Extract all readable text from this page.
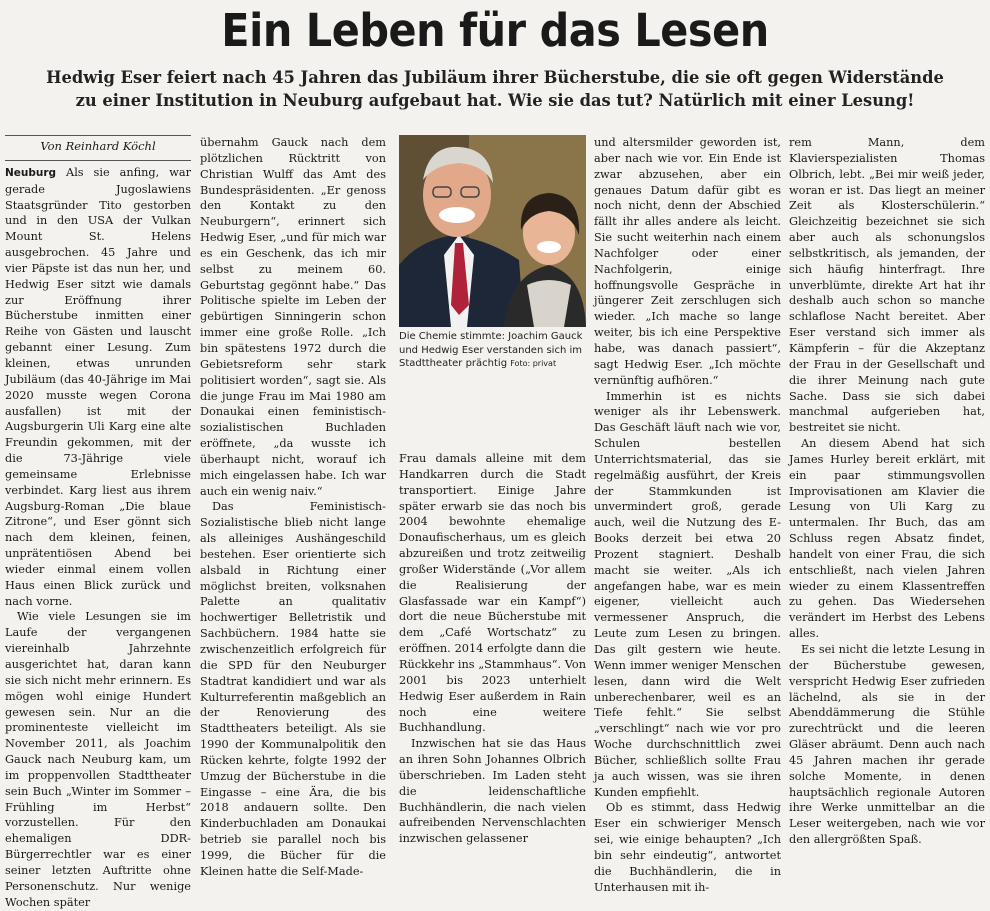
Ein Leben für das Lesen
Hedwig Eser feiert nach 45 Jahren das Jubiläum ihrer Bücherstube, die sie oft gegen Widerstände zu einer Institution in Neuburg aufgebaut hat. Wie sie das tut? Natürlich mit einer Lesung!
Von Reinhard Köchl

Neuburg Als sie anfing, war gerade Jugoslawiens Staatsgründer Tito gestorben und in den USA der Vulkan Mount St. Helens ausgebrochen. 45 Jahre und vier Päpste ist das nun her, und Hedwig Eser sitzt wie damals zur Eröffnung ihrer Bücherstube inmitten einer Reihe von Gästen und lauscht gebannt einer Lesung. Zum kleinen, etwas unrunden Jubiläum (das 40-Jährige im Mai 2020 musste wegen Corona ausfallen) ist mit der Augsburgerin Uli Karg eine alte Freundin gekommen, mit der die 73-Jährige viele gemeinsame Erlebnisse verbindet. Karg liest aus ihrem Augsburg-Roman „Die blaue Zitrone“, und Eser gönnt sich nach dem kleinen, feinen, unprätentiösen Abend bei wieder einmal einem vollen Haus einen Blick zurück und nach vorne.

Wie viele Lesungen sie im Laufe der vergangenen viereinhalb Jahrzehnte ausgerichtet hat, daran kann sie sich nicht mehr erinnern. Es mögen wohl einige Hundert gewesen sein. Nur an die prominenteste vielleicht im November 2011, als Joachim Gauck nach Neuburg kam, um im proppenvollen Stadttheater sein Buch „Winter im Sommer – Frühling im Herbst“ vorzustellen. Für den ehemaligen DDR-Bürgerrechtler war es einer seiner letzten Auftritte ohne Personenschutz. Nur wenige Wochen später

übernahm Gauck nach dem plötzlichen Rücktritt von Christian Wulff das Amt des Bundespräsidenten. „Er genoss den Kontakt zu den Neuburgern“, erinnert sich Hedwig Eser, „und für mich war es ein Geschenk, das ich mir selbst zu meinem 60. Geburtstag gegönnt habe.“ Das Politische spielte im Leben der gebürtigen Sinningerin schon immer eine große Rolle. „Ich bin spätestens 1972 durch die Gebietsreform sehr stark politisiert worden“, sagt sie. Als die junge Frau im Mai 1980 am Donaukai einen feministisch-sozialistischen Buchladen eröffnete, „da wusste ich überhaupt nicht, worauf ich mich eingelassen habe. Ich war auch ein wenig naiv.“

Das Feministisch-Sozialistische blieb nicht lange als alleiniges Aushängeschild bestehen. Eser orientierte sich alsbald in Richtung einer möglichst breiten, volksnahen Palette an qualitativ hochwertiger Belletristik und Sachbüchern. 1984 hatte sie zwischenzeitlich erfolgreich für die SPD für den Neuburger Stadtrat kandidiert und war als Kulturreferentin maßgeblich an der Renovierung des Stadttheaters beteiligt. Als sie 1990 der Kommunalpolitik den Rücken kehrte, folgte 1992 der Umzug der Bücherstube in die Eingasse – eine Ära, die bis 2018 andauern sollte. Den Kinderbuchladen am Donaukai betrieb sie parallel noch bis 1999, die Bücher für die Kleinen hatte die Self-Made-

Die Chemie stimmte: Joachim Gauck und Hedwig Eser verstanden sich im Stadttheater prächtig Foto: privat

Frau damals alleine mit dem Handkarren durch die Stadt transportiert. Einige Jahre später erwarb sie das noch bis 2004 bewohnte ehemalige Donaufischerhaus, um es gleich abzureißen und trotz zeitweilig großer Widerstände („Vor allem die Realisierung der Glasfassade war ein Kampf“) dort die neue Bücherstube mit dem „Café Wortschatz“ zu eröffnen. 2014 erfolgte dann die Rückkehr ins „Stammhaus“. Von 2001 bis 2023 unterhielt Hedwig Eser außerdem in Rain noch eine weitere Buchhandlung.

Inzwischen hat sie das Haus an ihren Sohn Johannes Olbrich überschrieben. Im Laden steht die leidenschaftliche Buchhändlerin, die nach vielen aufreibenden Nervenschlachten inzwischen gelassener

und altersmilder geworden ist, aber nach wie vor. Ein Ende ist zwar abzusehen, aber ein genaues Datum dafür gibt es noch nicht, denn der Abschied fällt ihr alles andere als leicht. Sie sucht weiterhin nach einem Nachfolger oder einer Nachfolgerin, einige hoffnungsvolle Gespräche in jüngerer Zeit zerschlugen sich wieder. „Ich mache so lange weiter, bis ich eine Perspektive habe, was danach passiert“, sagt Hedwig Eser. „Ich möchte vernünftig aufhören.“

Immerhin ist es nichts weniger als ihr Lebenswerk. Das Geschäft läuft nach wie vor, Schulen bestellen Unterrichtsmaterial, das sie regelmäßig ausführt, der Kreis der Stammkunden ist unvermindert groß, gerade auch, weil die Nutzung des E-Books derzeit bei etwa 20 Prozent stagniert. Deshalb macht sie weiter. „Als ich angefangen habe, war es mein eigener, vielleicht auch vermessener Anspruch, die Leute zum Lesen zu bringen. Das gilt gestern wie heute. Wenn immer weniger Menschen lesen, dann wird die Welt unberechenbarer, weil es an Tiefe fehlt.“ Sie selbst „verschlingt“ nach wie vor pro Woche durchschnittlich zwei Bücher, schließlich sollte Frau ja auch wissen, was sie ihren Kunden empfiehlt.

Ob es stimmt, dass Hedwig Eser ein schwieriger Mensch sei, wie einige behaupten? „Ich bin sehr eindeutig“, antwortet die Buchhändlerin, die in Unterhausen mit ih-

rem Mann, dem Klavierspezialisten Thomas Olbrich, lebt. „Bei mir weiß jeder, woran er ist. Das liegt an meiner Zeit als Klosterschülerin.“ Gleichzeitig bezeichnet sie sich aber auch als schonungslos selbstkritisch, als jemanden, der sich häufig hinterfragt. Ihre unverblümte, direkte Art hat ihr deshalb auch schon so manche schlaflose Nacht bereitet. Aber Eser verstand sich immer als Kämpferin – für die Akzeptanz der Frau in der Gesellschaft und die ihrer Meinung nach gute Sache. Dass sie sich dabei manchmal aufgerieben hat, bestreitet sie nicht.

An diesem Abend hat sich James Hurley bereit erklärt, mit ein paar stimmungsvollen Improvisationen am Klavier die Lesung von Uli Karg zu untermalen. Ihr Buch, das am Schluss regen Absatz findet, handelt von einer Frau, die sich entschließt, nach vielen Jahren wieder zu einem Klassentreffen zu gehen. Das Wiedersehen verändert im Herbst des Lebens alles.

Es sei nicht die letzte Lesung in der Bücherstube gewesen, verspricht Hedwig Eser zufrieden lächelnd, als sie in der Abenddämmerung die Stühle zurechtrückt und die leeren Gläser abräumt. Denn auch nach 45 Jahren machen ihr gerade solche Momente, in denen hauptsächlich regionale Autoren ihre Werke unmittelbar an die Leser weitergeben, nach wie vor den allergrößten Spaß.
